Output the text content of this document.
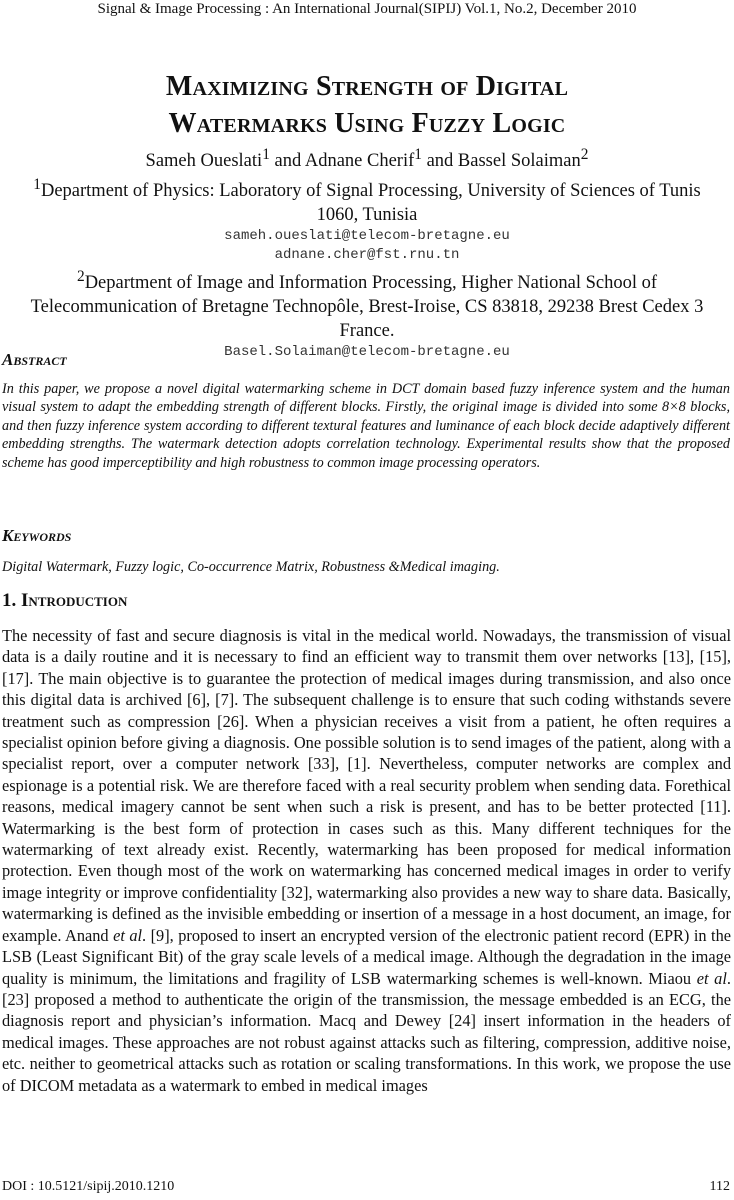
Signal & Image Processing : An International Journal(SIPIJ) Vol.1, No.2, December 2010
Maximizing Strength of Digital
Watermarks Using Fuzzy Logic
Sameh Oueslati$^1$ and Adnane Cherif$^1$ and Bassel Solaiman$^2$
$^1$Department of Physics: Laboratory of Signal Processing, University of Sciences of Tunis 1060, Tunisia
sameh.oueslati@telecom-bretagne.eu
adnane.cher@fst.rnu.tn
$^2$Department of Image and Information Processing, Higher National School of Telecommunication of Bretagne Technopôle, Brest-Iroise, CS 83818, 29238 Brest Cedex 3 France.
Basel.Solaiman@telecom-bretagne.eu
Abstract
In this paper, we propose a novel digital watermarking scheme in DCT domain based fuzzy inference system and the human visual system to adapt the embedding strength of different blocks. Firstly, the original image is divided into some 8×8 blocks, and then fuzzy inference system according to different textural features and luminance of each block decide adaptively different embedding strengths. The watermark detection adopts correlation technology. Experimental results show that the proposed scheme has good imperceptibility and high robustness to common image processing operators.
Keywords
Digital Watermark, Fuzzy logic, Co-occurrence Matrix, Robustness &Medical imaging.
1. Introduction
The necessity of fast and secure diagnosis is vital in the medical world. Nowadays, the transmission of visual data is a daily routine and it is necessary to find an efficient way to transmit them over networks [13], [15], [17]. The main objective is to guarantee the protection of medical images during transmission, and also once this digital data is archived [6], [7]. The subsequent challenge is to ensure that such coding withstands severe treatment such as compression [26]. When a physician receives a visit from a patient, he often requires a specialist opinion before giving a diagnosis. One possible solution is to send images of the patient, along with a specialist report, over a computer network [33], [1]. Nevertheless, computer networks are complex and espionage is a potential risk. We are therefore faced with a real security problem when sending data. Forethical reasons, medical imagery cannot be sent when such a risk is present, and has to be better protected [11]. Watermarking is the best form of protection in cases such as this. Many different techniques for the watermarking of text already exist. Recently, watermarking has been proposed for medical information protection. Even though most of the work on watermarking has concerned medical images in order to verify image integrity or improve confidentiality [32], watermarking also provides a new way to share data. Basically, watermarking is defined as the invisible embedding or insertion of a message in a host document, an image, for example. Anand et al. [9], proposed to insert an encrypted version of the electronic patient record (EPR) in the LSB (Least Significant Bit) of the gray scale levels of a medical image. Although the degradation in the image quality is minimum, the limitations and fragility of LSB watermarking schemes is well-known. Miaou et al. [23] proposed a method to authenticate the origin of the transmission, the message embedded is an ECG, the diagnosis report and physician’s information. Macq and Dewey [24] insert information in the headers of medical images. These approaches are not robust against attacks such as filtering, compression, additive noise, etc. neither to geometrical attacks such as rotation or scaling transformations. In this work, we propose the use of DICOM metadata as a watermark to embed in medical images
DOI : 10.5121/sipij.2010.1210	112
